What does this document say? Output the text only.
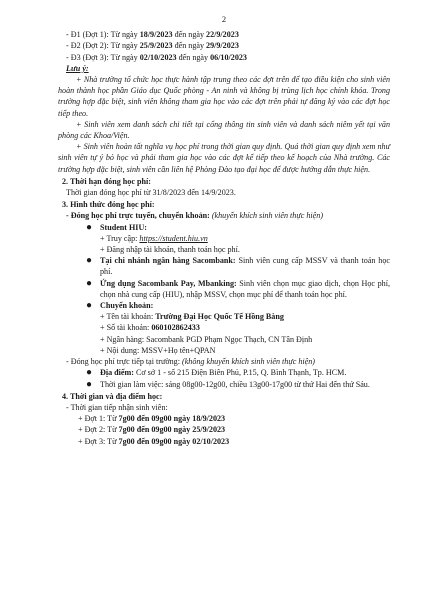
2
- Đ1 (Đợt 1): Từ ngày 18/9/2023 đến ngày 22/9/2023
- Đ2 (Đợt 2): Từ ngày 25/9/2023 đến ngày 29/9/2023
- Đ3 (Đợt 3): Từ ngày 02/10/2023 đến ngày 06/10/2023
Lưu ý:
+ Nhà trường tổ chức học thực hành tập trung theo các đợt trên để tạo điều kiện cho sinh viên hoàn thành học phần Giáo dục Quốc phòng - An ninh và không bị trùng lịch học chính khóa. Trong trường hợp đặc biệt, sinh viên không tham gia học vào các đợt trên phải tự đăng ký vào các đợt học tiếp theo.
+ Sinh viên xem danh sách chi tiết tại cổng thông tin sinh viên và danh sách niêm yết tại văn phòng các Khoa/Viện.
+ Sinh viên hoàn tất nghĩa vụ học phí trong thời gian quy định. Quá thời gian quy định xem như sinh viên tự ý bỏ học và phải tham gia học vào các đợt kế tiếp theo kế hoạch của Nhà trường. Các trường hợp đặc biệt, sinh viên cần liên hệ Phòng Đào tạo đại học để được hướng dẫn thực hiện.
2. Thời hạn đóng học phí:
Thời gian đóng học phí từ 31/8/2023 đến 14/9/2023.
3. Hình thức đóng học phí:
- Đóng học phí trực tuyến, chuyển khoản: (khuyến khích sinh viên thực hiện)
● Student HIU:
+ Truy cập: https://student.hiu.vn
+ Đăng nhập tài khoản, thanh toán học phí.
● Tại chi nhánh ngân hàng Sacombank: Sinh viên cung cấp MSSV và thanh toán học phí.
● Ứng dụng Sacombank Pay, Mbanking: Sinh viên chọn mục giao dịch, chọn Học phí, chọn nhà cung cấp (HIU), nhập MSSV, chọn mục phí để thanh toán học phí.
● Chuyển khoản:
+ Tên tài khoản: Trường Đại Học Quốc Tế Hồng Bàng
+ Số tài khoản: 060102862433
+ Ngân hàng: Sacombank PGD Phạm Ngọc Thạch, CN Tân Định
+ Nội dung: MSSV+Họ tên+QPAN
- Đóng học phí trực tiếp tại trường: (không khuyến khích sinh viên thực hiện)
● Địa điểm: Cơ sở 1 - số 215 Điện Biên Phủ, P.15, Q. Bình Thạnh, Tp. HCM.
● Thời gian làm việc: sáng 08g00-12g00, chiều 13g00-17g00 từ thứ Hai đến thứ Sáu.
4. Thời gian và địa điểm học:
- Thời gian tiếp nhận sinh viên:
+ Đợt 1: Từ 7g00 đến 09g00 ngày 18/9/2023
+ Đợt 2: Từ 7g00 đến 09g00 ngày 25/9/2023
+ Đợt 3: Từ 7g00 đến 09g00 ngày 02/10/2023
